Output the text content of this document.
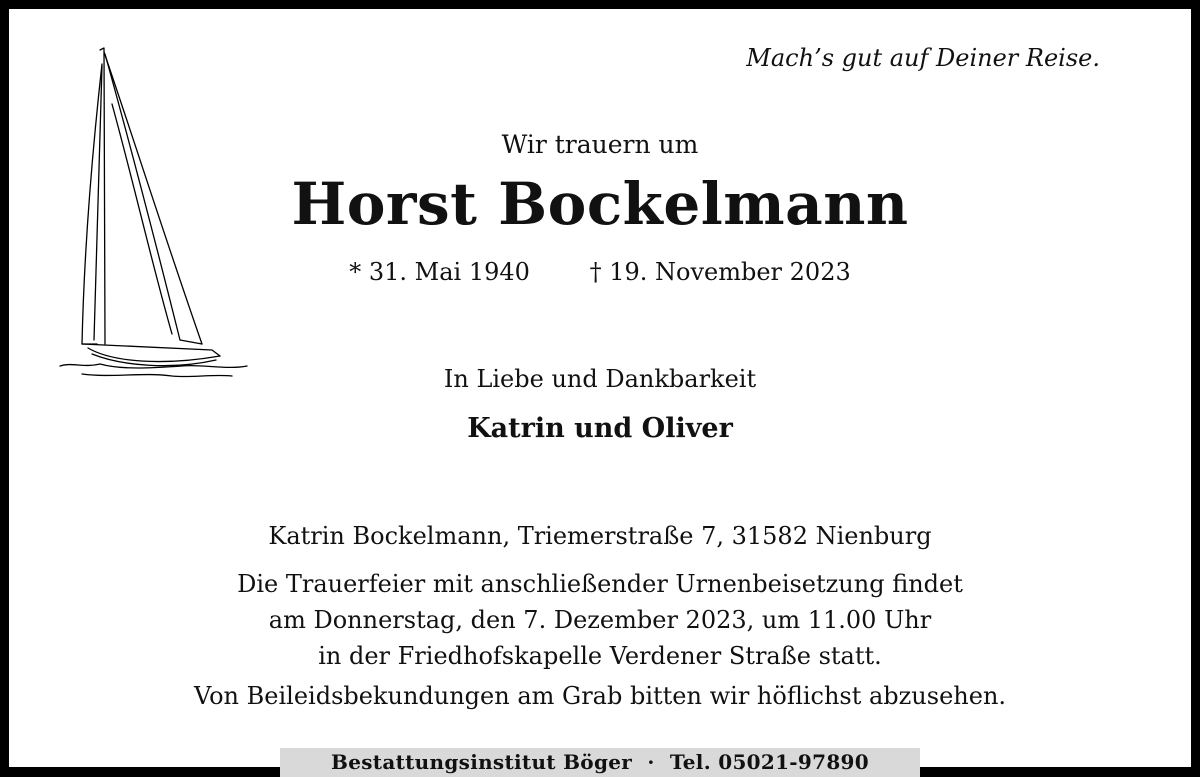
Mach’s gut auf Deiner Reise.
Wir trauern um
Horst Bockelmann
* 31. Mai 1940 † 19. November 2023
In Liebe und Dankbarkeit
Katrin und Oliver
Katrin Bockelmann, Triemerstraße 7, 31582 Nienburg
Die Trauerfeier mit anschließender Urnenbeisetzung findet
am Donnerstag, den 7. Dezember 2023, um 11.00 Uhr
in der Friedhofskapelle Verdener Straße statt.
Von Beileidsbekundungen am Grab bitten wir höflichst abzusehen.
Bestattungsinstitut Böger · Tel. 05021-97890
